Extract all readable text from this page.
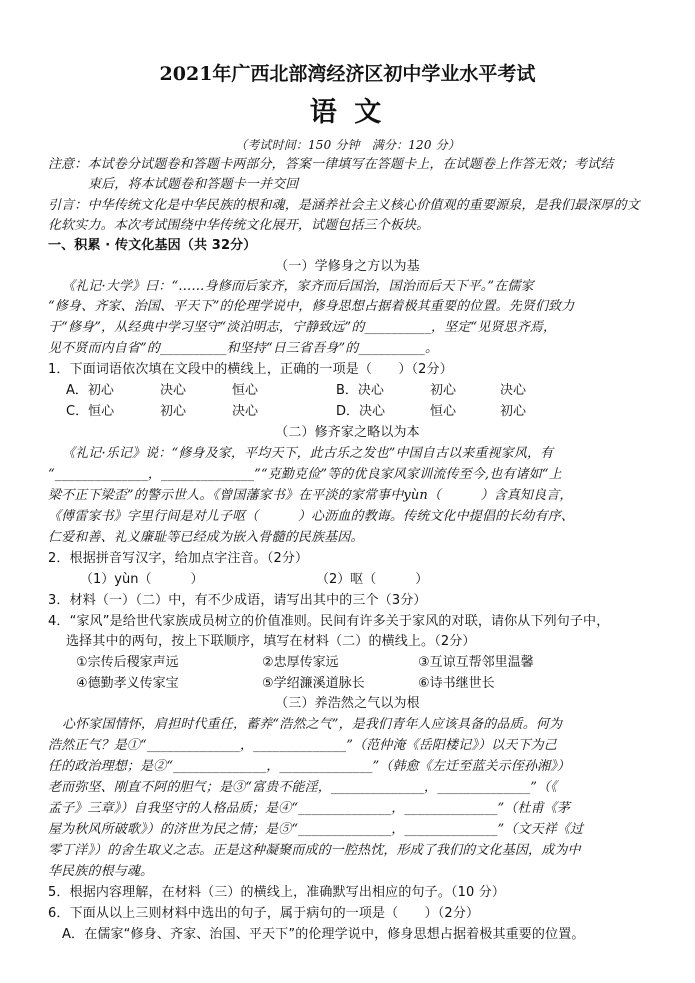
2021年广西北部湾经济区初中学业水平考试
语 文
（考试时间：150 分钟　满分：120 分）
注意：本试卷分试题卷和答题卡两部分，答案一律填写在答题卡上，在试题卷上作答无效；考试结
束后，将本试题卷和答题卡一并交回
引言：中华传统文化是中华民族的根和魂，是涵养社会主义核心价值观的重要源泉，是我们最深厚的文
化软实力。本次考试围绕中华传统文化展开，试题包括三个板块。
一、积累 · 传文化基因（共 32分）
（一）学修身之方以为基
《礼记·大学》曰：“……身修而后家齐，家齐而后国治，国治而后天下平。”在儒家
“修身、齐家、治国、平天下”的伦理学说中，修身思想占据着极其重要的位置。先贤们致力
于“修身”，从经典中学习坚守“淡泊明志，宁静致远”的__________，坚定“见贤思齐焉，
见不贤而内自省”的__________和坚持“日三省吾身”的__________。
1．下面词语依次填在文段中的横线上，正确的一项是（　　）（2分）
A．初心	决心	恒心	B．决心	初心	决心
C．恒心	初心	决心	D．决心	恒心	初心
（二）修齐家之略以为本
《礼记·乐记》说：“修身及家，平均天下，此古乐之发也”中国自古以来重视家风，有
“______________，______________”“克勤克俭”等的优良家风家训流传至今,也有诸如“上
梁不正下梁歪”的警示世人。《曾国藩家书》在平淡的家常事中yùn（　　　）含真知良言，
《傅雷家书》字里行间是对儿子呕（　　　）心沥血的教诲。传统文化中提倡的长幼有序、
仁爱和善、礼义廉耻等已经成为嵌入骨髓的民族基因。
2．根据拼音写汉字，给加点字注音。（2分）
（1）yùn（　　　）	（2）呕（　　　）
3．材料（一）（二）中，有不少成语，请写出其中的三个（3分）
4．“家风”是给世代家族成员树立的价值准则。民间有许多关于家风的对联，请你从下列句子中，
选择其中的两句，按上下联顺序，填写在材料（二）的横线上。（2分）
①宗传后稷家声远	②忠厚传家远	③互谅互帮邻里温馨
④德勤孝义传家宝	⑤学绍濂溪道脉长	⑥诗书继世长
（三）养浩然之气以为根
心怀家国情怀，肩担时代重任，蓄养“浩然之气”，是我们青年人应该具备的品质。何为
浩然正气？是①“______________，______________”（范仲淹《岳阳楼记》）以天下为己
任的政治理想；是②“______________，______________”（韩愈《左迁至蓝关示侄孙湘》）
老而弥坚、刚直不阿的胆气；是③“富贵不能淫，______________，______________”（《
孟子》三章》）自我坚守的人格品质；是④“______________，______________”（杜甫《茅
屋为秋风所破歌》）的济世为民之情；是⑤“______________，______________”（文天祥《过
零丁洋》）的舍生取义之志。正是这种凝聚而成的一腔热忱，形成了我们的文化基因，成为中
华民族的根与魂。
5．根据内容理解，在材料（三）的横线上，准确默写出相应的句子。（10 分）
6．下面从以上三则材料中选出的句子，属于病句的一项是（　　）（2分）
A．在儒家“修身、齐家、治国、平天下”的伦理学说中，修身思想占据着极其重要的位置。
